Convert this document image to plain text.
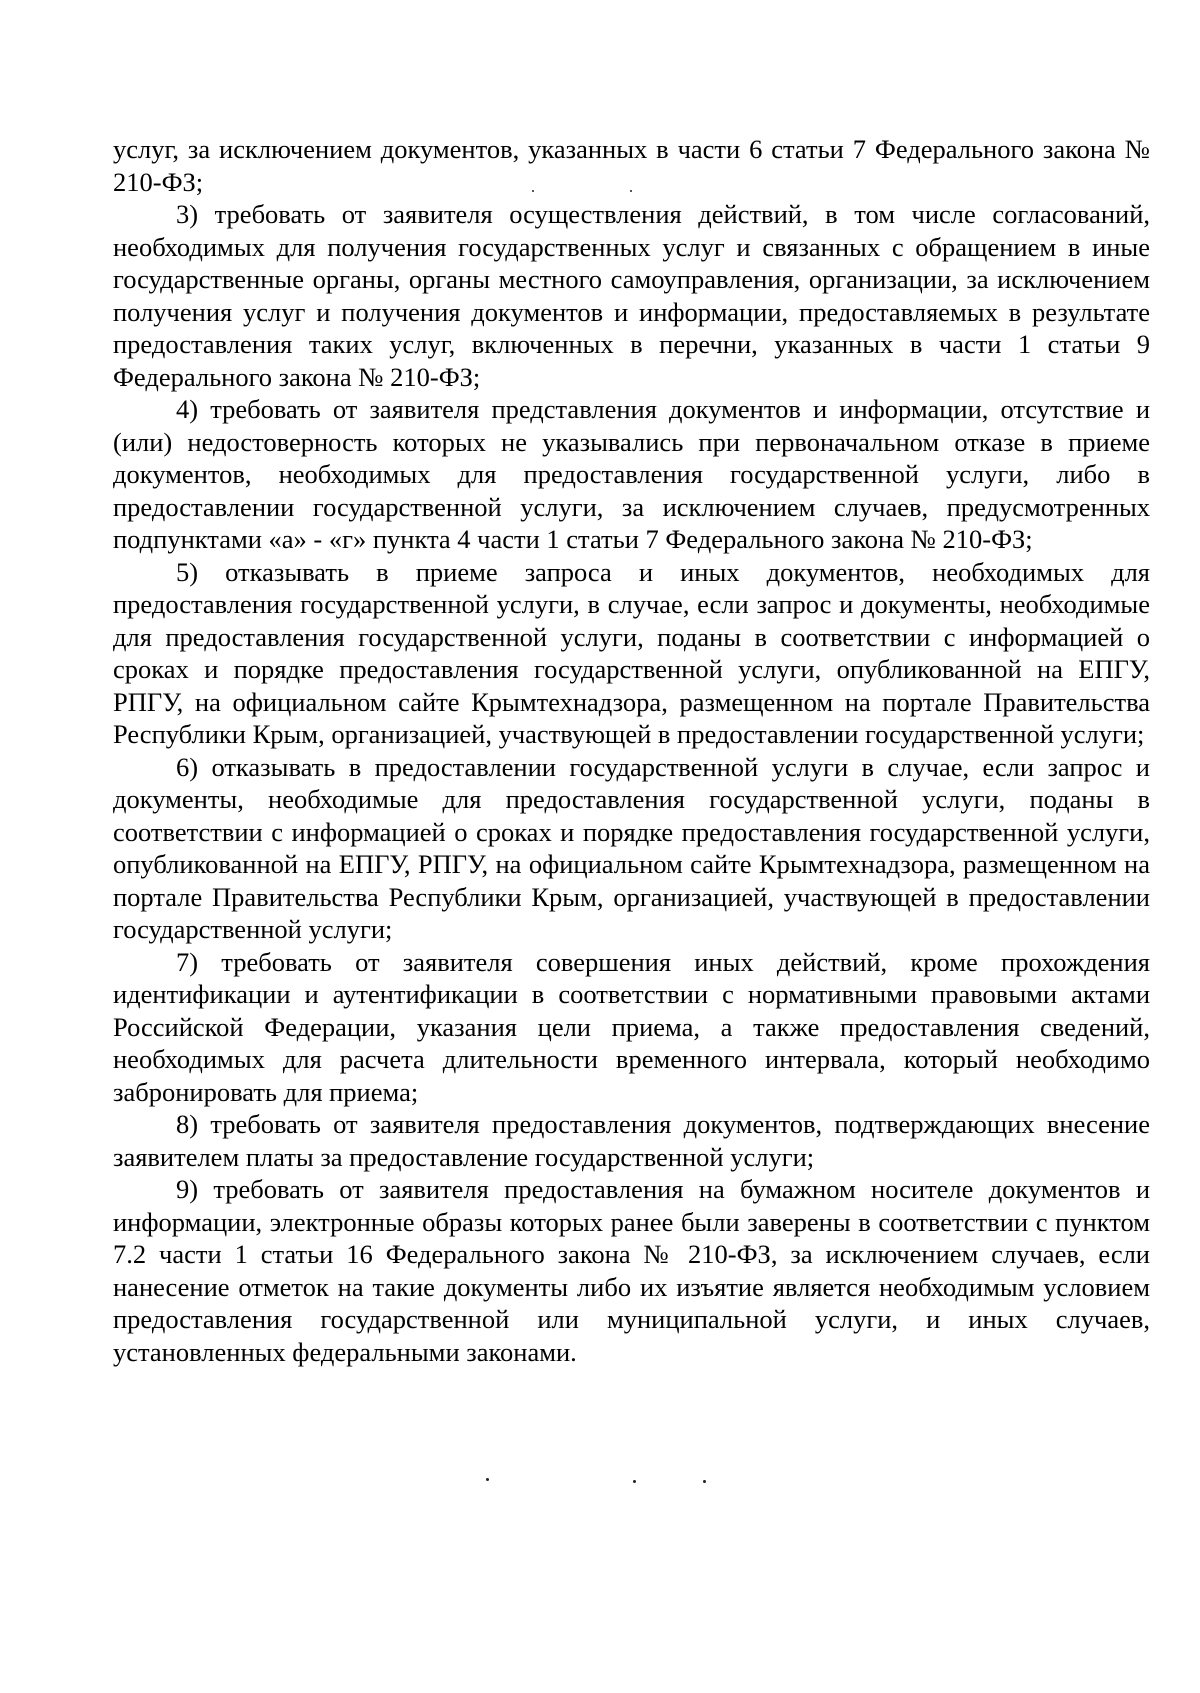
услуг, за исключением документов, указанных в части 6 статьи 7 Федерального закона № 210-ФЗ;

3) требовать от заявителя осуществления действий, в том числе согласований, необходимых для получения государственных услуг и связанных с обращением в иные государственные органы, органы местного самоуправления, организации, за исключением получения услуг и получения документов и информации, предоставляемых в результате предоставления таких услуг, включенных в перечни, указанных в части 1 статьи 9 Федерального закона № 210-ФЗ;

4) требовать от заявителя представления документов и информации, отсутствие и (или) недостоверность которых не указывались при первоначальном отказе в приеме документов, необходимых для предоставления государственной услуги, либо в предоставлении государственной услуги, за исключением случаев, предусмотренных подпунктами «а» - «г» пункта 4 части 1 статьи 7 Федерального закона № 210-ФЗ;

5) отказывать в приеме запроса и иных документов, необходимых для предоставления государственной услуги, в случае, если запрос и документы, необходимые для предоставления государственной услуги, поданы в соответствии с информацией о сроках и порядке предоставления государственной услуги, опубликованной на ЕПГУ, РПГУ, на официальном сайте Крымтехнадзора, размещенном на портале Правительства Республики Крым, организацией, участвующей в предоставлении государственной услуги;

6) отказывать в предоставлении государственной услуги в случае, если запрос и документы, необходимые для предоставления государственной услуги, поданы в соответствии с информацией о сроках и порядке предоставления государственной услуги, опубликованной на ЕПГУ, РПГУ, на официальном сайте Крымтехнадзора, размещенном на портале Правительства Республики Крым, организацией, участвующей в предоставлении государственной услуги;

7) требовать от заявителя совершения иных действий, кроме прохождения идентификации и аутентификации в соответствии с нормативными правовыми актами Российской Федерации, указания цели приема, а также предоставления сведений, необходимых для расчета длительности временного интервала, который необходимо забронировать для приема;

8) требовать от заявителя предоставления документов, подтверждающих внесение заявителем платы за предоставление государственной услуги;

9) требовать от заявителя предоставления на бумажном носителе документов и информации, электронные образы которых ранее были заверены в соответствии с пунктом 7.2 части 1 статьи 16 Федерального закона № 210-ФЗ, за исключением случаев, если нанесение отметок на такие документы либо их изъятие является необходимым условием предоставления государственной или муниципальной услуги, и иных случаев, установленных федеральными законами.
